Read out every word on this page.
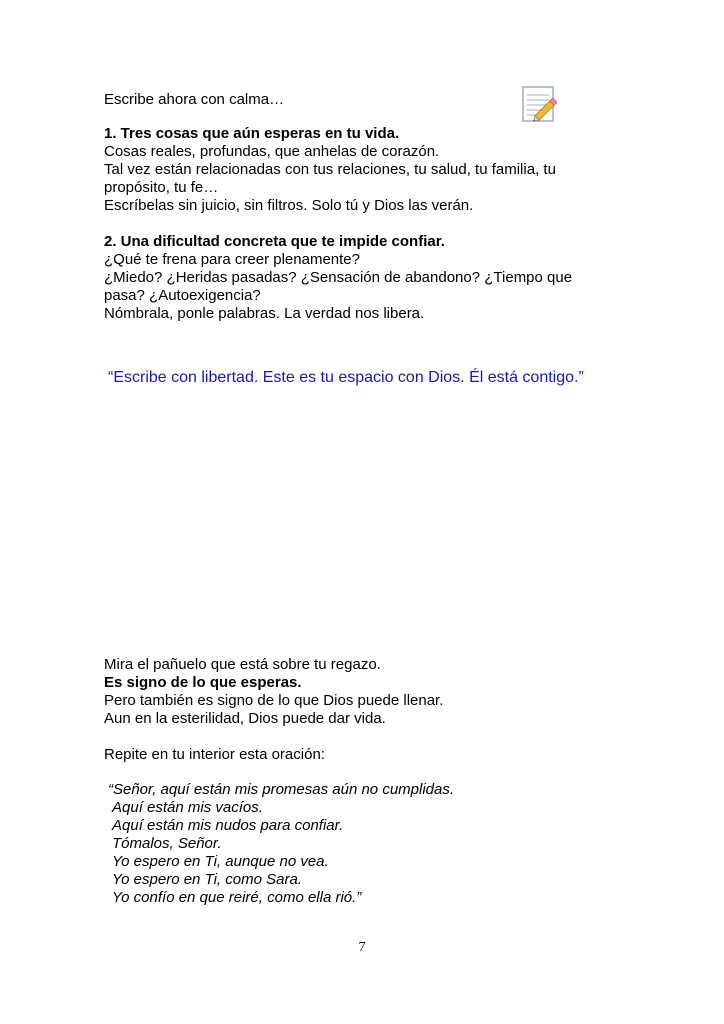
Escribe ahora con calma…
1. Tres cosas que aún esperas en tu vida.
Cosas reales, profundas, que anhelas de corazón.
Tal vez están relacionadas con tus relaciones, tu salud, tu familia, tu
propósito, tu fe…
Escríbelas sin juicio, sin filtros. Solo tú y Dios las verán.
2. Una dificultad concreta que te impide confiar.
¿Qué te frena para creer plenamente?
¿Miedo? ¿Heridas pasadas? ¿Sensación de abandono? ¿Tiempo que
pasa? ¿Autoexigencia?
Nómbrala, ponle palabras. La verdad nos libera.
“Escribe con libertad. Este es tu espacio con Dios. Él está contigo.”
Mira el pañuelo que está sobre tu regazo.
Es signo de lo que esperas.
Pero también es signo de lo que Dios puede llenar.
Aun en la esterilidad, Dios puede dar vida.
Repite en tu interior esta oración:
“Señor, aquí están mis promesas aún no cumplidas.
Aquí están mis vacíos.
Aquí están mis nudos para confiar.
Tómalos, Señor.
Yo espero en Ti, aunque no vea.
Yo espero en Ti, como Sara.
Yo confío en que reiré, como ella rió.”
7
